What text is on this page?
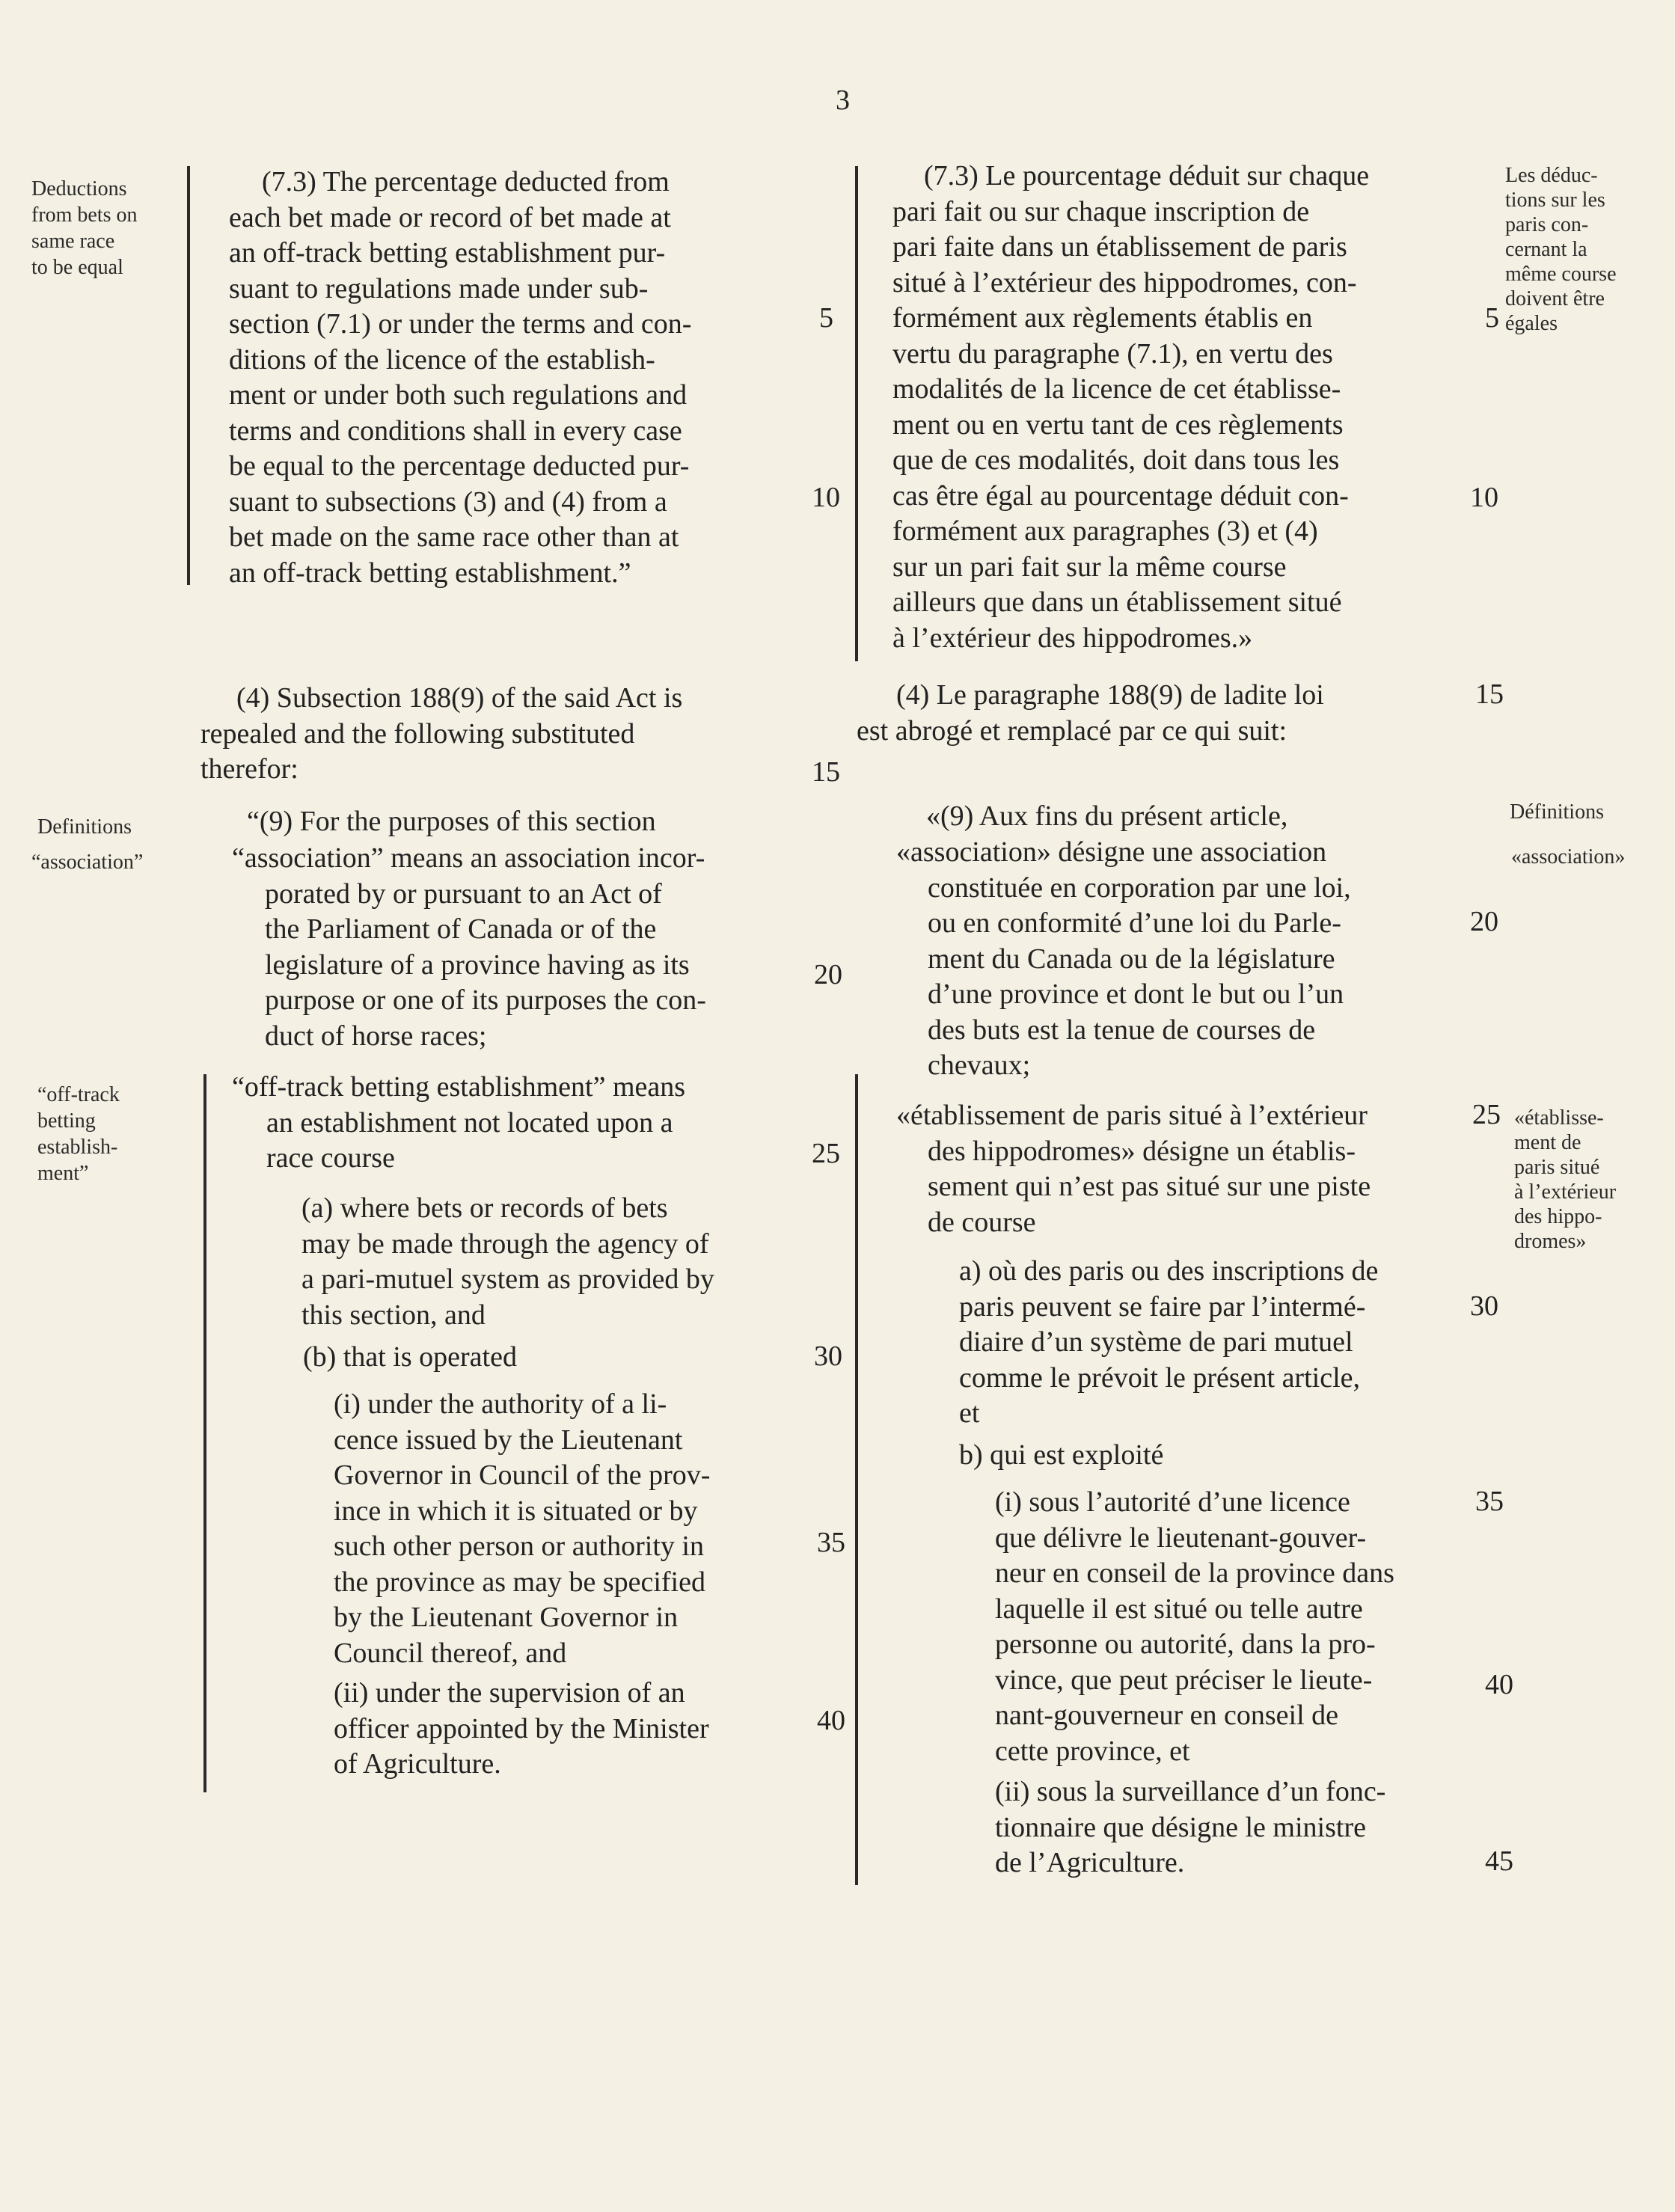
3
Deductions
from bets on
same race
to be equal
Definitions
“association”
“off-track
betting
establish-
ment”
Les déduc-
tions sur les
paris con-
cernant la
même course
doivent être
égales
Définitions
«association»
«établisse-
ment de
paris situé
à l’extérieur
des hippo-
dromes»
(7.3) The percentage deducted from
each bet made or record of bet made at
an off-track betting establishment pur-
suant to regulations made under sub-
section (7.1) or under the terms and con-
ditions of the licence of the establish-
ment or under both such regulations and
terms and conditions shall in every case
be equal to the percentage deducted pur-
suant to subsections (3) and (4) from a
bet made on the same race other than at
an off-track betting establishment.”
(4) Subsection 188(9) of the said Act is
repealed and the following substituted
therefor:
“(9) For the purposes of this section
“association” means an association incor-
porated by or pursuant to an Act of
the Parliament of Canada or of the
legislature of a province having as its
purpose or one of its purposes the con-
duct of horse races;
“off-track betting establishment” means
an establishment not located upon a
race course
(a) where bets or records of bets
may be made through the agency of
a pari-mutuel system as provided by
this section, and
(b) that is operated
(i) under the authority of a li-
cence issued by the Lieutenant
Governor in Council of the prov-
ince in which it is situated or by
such other person or authority in
the province as may be specified
by the Lieutenant Governor in
Council thereof, and
(ii) under the supervision of an
officer appointed by the Minister
of Agriculture.
5
10
15
20
25
30
35
40
(7.3) Le pourcentage déduit sur chaque
pari fait ou sur chaque inscription de
pari faite dans un établissement de paris
situé à l’extérieur des hippodromes, con-
formément aux règlements établis en
vertu du paragraphe (7.1), en vertu des
modalités de la licence de cet établisse-
ment ou en vertu tant de ces règlements
que de ces modalités, doit dans tous les
cas être égal au pourcentage déduit con-
formément aux paragraphes (3) et (4)
sur un pari fait sur la même course
ailleurs que dans un établissement situé
à l’extérieur des hippodromes.»
(4) Le paragraphe 188(9) de ladite loi
est abrogé et remplacé par ce qui suit:
«(9) Aux fins du présent article,
«association» désigne une association
constituée en corporation par une loi,
ou en conformité d’une loi du Parle-
ment du Canada ou de la législature
d’une province et dont le but ou l’un
des buts est la tenue de courses de
chevaux;
«établissement de paris situé à l’extérieur
des hippodromes» désigne un établis-
sement qui n’est pas situé sur une piste
de course
a) où des paris ou des inscriptions de
paris peuvent se faire par l’intermé-
diaire d’un système de pari mutuel
comme le prévoit le présent article,
et
b) qui est exploité
(i) sous l’autorité d’une licence
que délivre le lieutenant-gouver-
neur en conseil de la province dans
laquelle il est situé ou telle autre
personne ou autorité, dans la pro-
vince, que peut préciser le lieute-
nant-gouverneur en conseil de
cette province, et
(ii) sous la surveillance d’un fonc-
tionnaire que désigne le ministre
de l’Agriculture.
5
10
15
20
25
30
35
40
45
